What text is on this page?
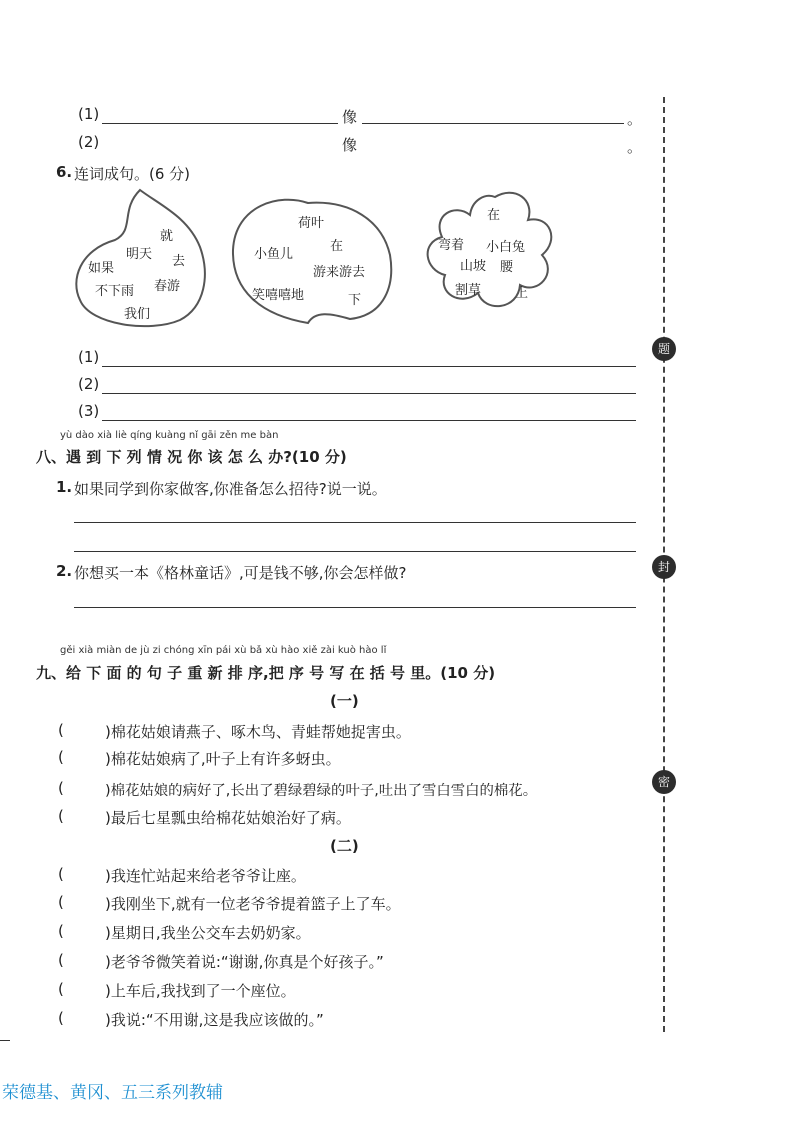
题
封
密
(1)	像	。
(2)	像	。
6. 连词成句。(6 分)
就
明天 去
如果
春游
不下雨
我们
荷叶
小鱼儿
在
游来游去
笑嘻嘻地	下
在
弯着 小白兔
山坡 腰
割草	上
(1)
(2)
(3)
yù dào xià liè qíng kuàng nǐ gāi zěn me bàn
八、遇 到 下 列 情 况 你 该 怎 么 办?(10 分)
1. 如果同学到你家做客,你准备怎么招待?说一说。
2. 你想买一本《格林童话》,可是钱不够,你会怎样做?
gěi xià miàn de jù zi chóng xīn pái xù bǎ xù hào xiě zài kuò hào lǐ
九、给 下 面 的 句 子 重 新 排 序,把 序 号 写 在 括 号 里。(10 分)
(一)
(	)棉花姑娘请燕子、啄木鸟、青蛙帮她捉害虫。
(	)棉花姑娘病了,叶子上有许多蚜虫。
(	)棉花姑娘的病好了,长出了碧绿碧绿的叶子,吐出了雪白雪白的棉花。
(	)最后七星瓢虫给棉花姑娘治好了病。
(二)
(	)我连忙站起来给老爷爷让座。
(	)我刚坐下,就有一位老爷爷提着篮子上了车。
(	)星期日,我坐公交车去奶奶家。
(	)老爷爷微笑着说:“谢谢,你真是个好孩子。”
(	)上车后,我找到了一个座位。
(	)我说:“不用谢,这是我应该做的。”
荣德基、黄冈、五三系列教辅
